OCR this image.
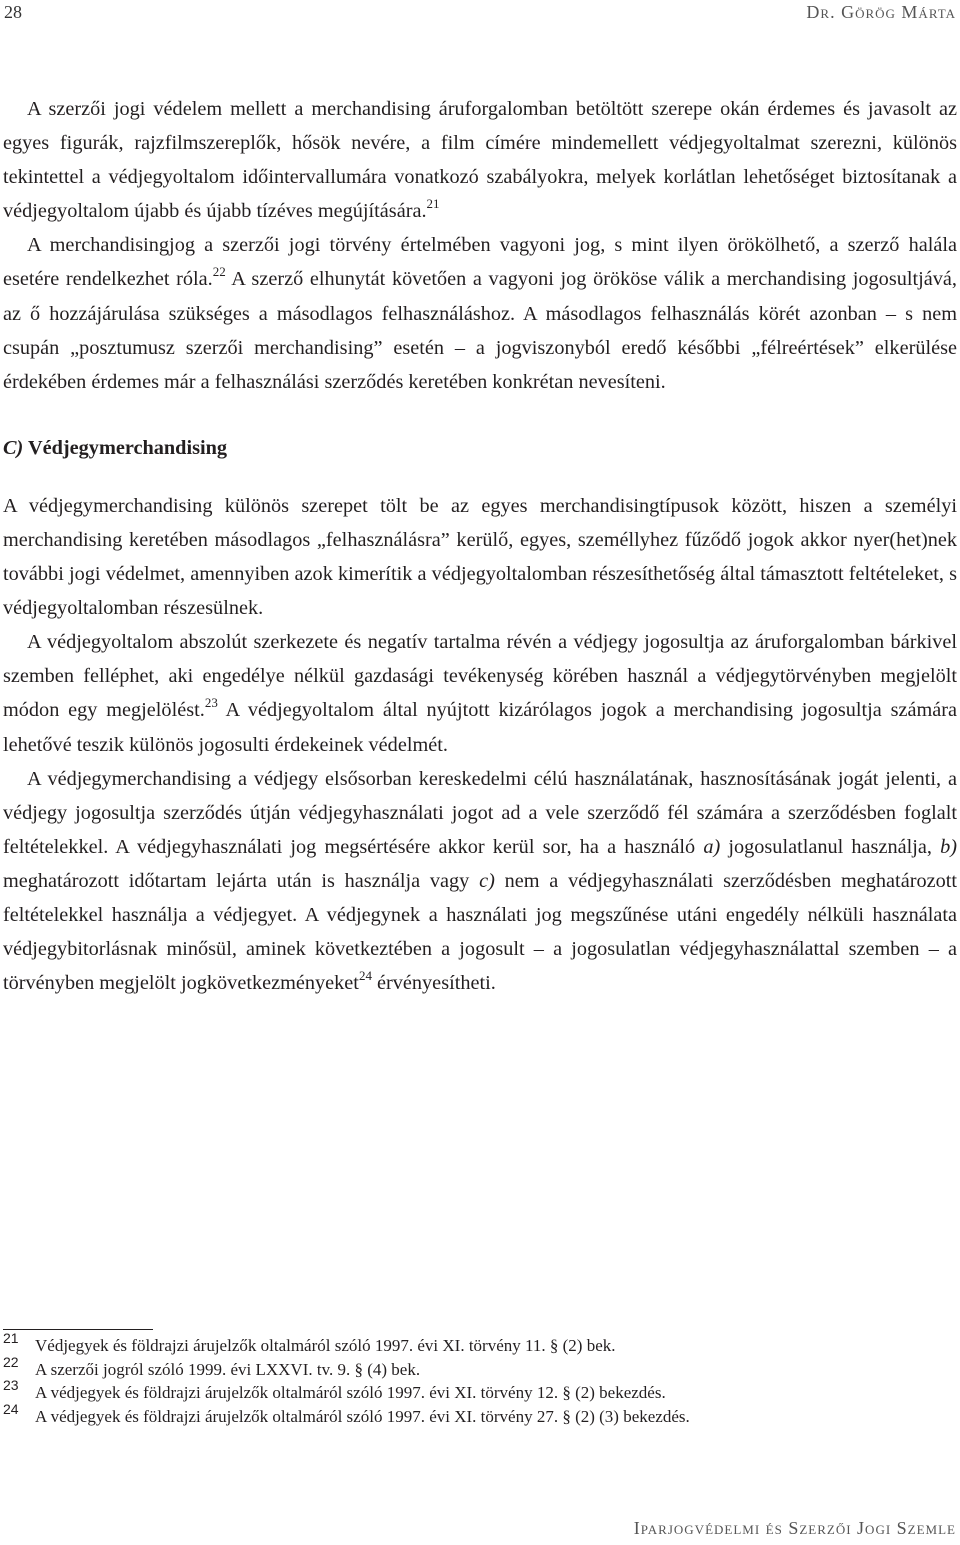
28	Dr. Görög Márta

A szerzői jogi védelem mellett a merchandising áruforgalomban betöltött szerepe okán érdemes és javasolt az egyes figurák, rajzfilmszereplők, hősök nevére, a film címére mindemellett védjegyoltalmat szerezni, különös tekintettel a védjegyoltalom időintervallumára vonatkozó szabályokra, melyek korlátlan lehetőséget biztosítanak a védjegyoltalom újabb és újabb tízéves megújítására.$^{21}$

A merchandisingjog a szerzői jogi törvény értelmében vagyoni jog, s mint ilyen örökölhető, a szerző halála esetére rendelkezhet róla.$^{22}$ A szerző elhunytát követően a vagyoni jog örököse válik a merchandising jogosultjává, az ő hozzájárulása szükséges a másodlagos felhasználáshoz. A másodlagos felhasználás körét azonban – s nem csupán „posztumusz szerzői merchandising” esetén – a jogviszonyból eredő későbbi „félreértések” elkerülése érdekében érdemes már a felhasználási szerződés keretében konkrétan nevesíteni.

C) Védjegymerchandising

A védjegymerchandising különös szerepet tölt be az egyes merchandisingtípusok között, hiszen a személyi merchandising keretében másodlagos „felhasználásra” kerülő, egyes, személlyhez fűződő jogok akkor nyer(het)nek további jogi védelmet, amennyiben azok kimerítik a védjegyoltalomban részesíthetőség által támasztott feltételeket, s védjegyoltalomban részesülnek.

A védjegyoltalom abszolút szerkezete és negatív tartalma révén a védjegy jogosultja az áruforgalomban bárkivel szemben felléphet, aki engedélye nélkül gazdasági tevékenység körében használ a védjegytörvényben megjelölt módon egy megjelölést.$^{23}$ A védjegyoltalom által nyújtott kizárólagos jogok a merchandising jogosultja számára lehetővé teszik különös jogosulti érdekeinek védelmét.

A védjegymerchandising a védjegy elsősorban kereskedelmi célú használatának, hasznosításának jogát jelenti, a védjegy jogosultja szerződés útján védjegyhasználati jogot ad a vele szerződő fél számára a szerződésben foglalt feltételekkel. A védjegyhasználati jog megsértésére akkor kerül sor, ha a használó a) jogosulatlanul használja, b) meghatározott időtartam lejárta után is használja vagy c) nem a védjegyhasználati szerződésben meghatározott feltételekkel használja a védjegyet. A védjegynek a használati jog megszűnése utáni engedély nélküli használata védjegybitorlásnak minősül, aminek következtében a jogosult – a jogosulatlan védjegyhasználattal szemben – a törvényben megjelölt jogkövetkezményeket$^{24}$ érvényesítheti.

21 Védjegyek és földrajzi árujelzők oltalmáról szóló 1997. évi XI. törvény 11. § (2) bek.
22 A szerzői jogról szóló 1999. évi LXXVI. tv. 9. § (4) bek.
23 A védjegyek és földrajzi árujelzők oltalmáról szóló 1997. évi XI. törvény 12. § (2) bekezdés.
24 A védjegyek és földrajzi árujelzők oltalmáról szóló 1997. évi XI. törvény 27. § (2) (3) bekezdés.
Iparjogvédelmi és Szerzői Jogi Szemle
